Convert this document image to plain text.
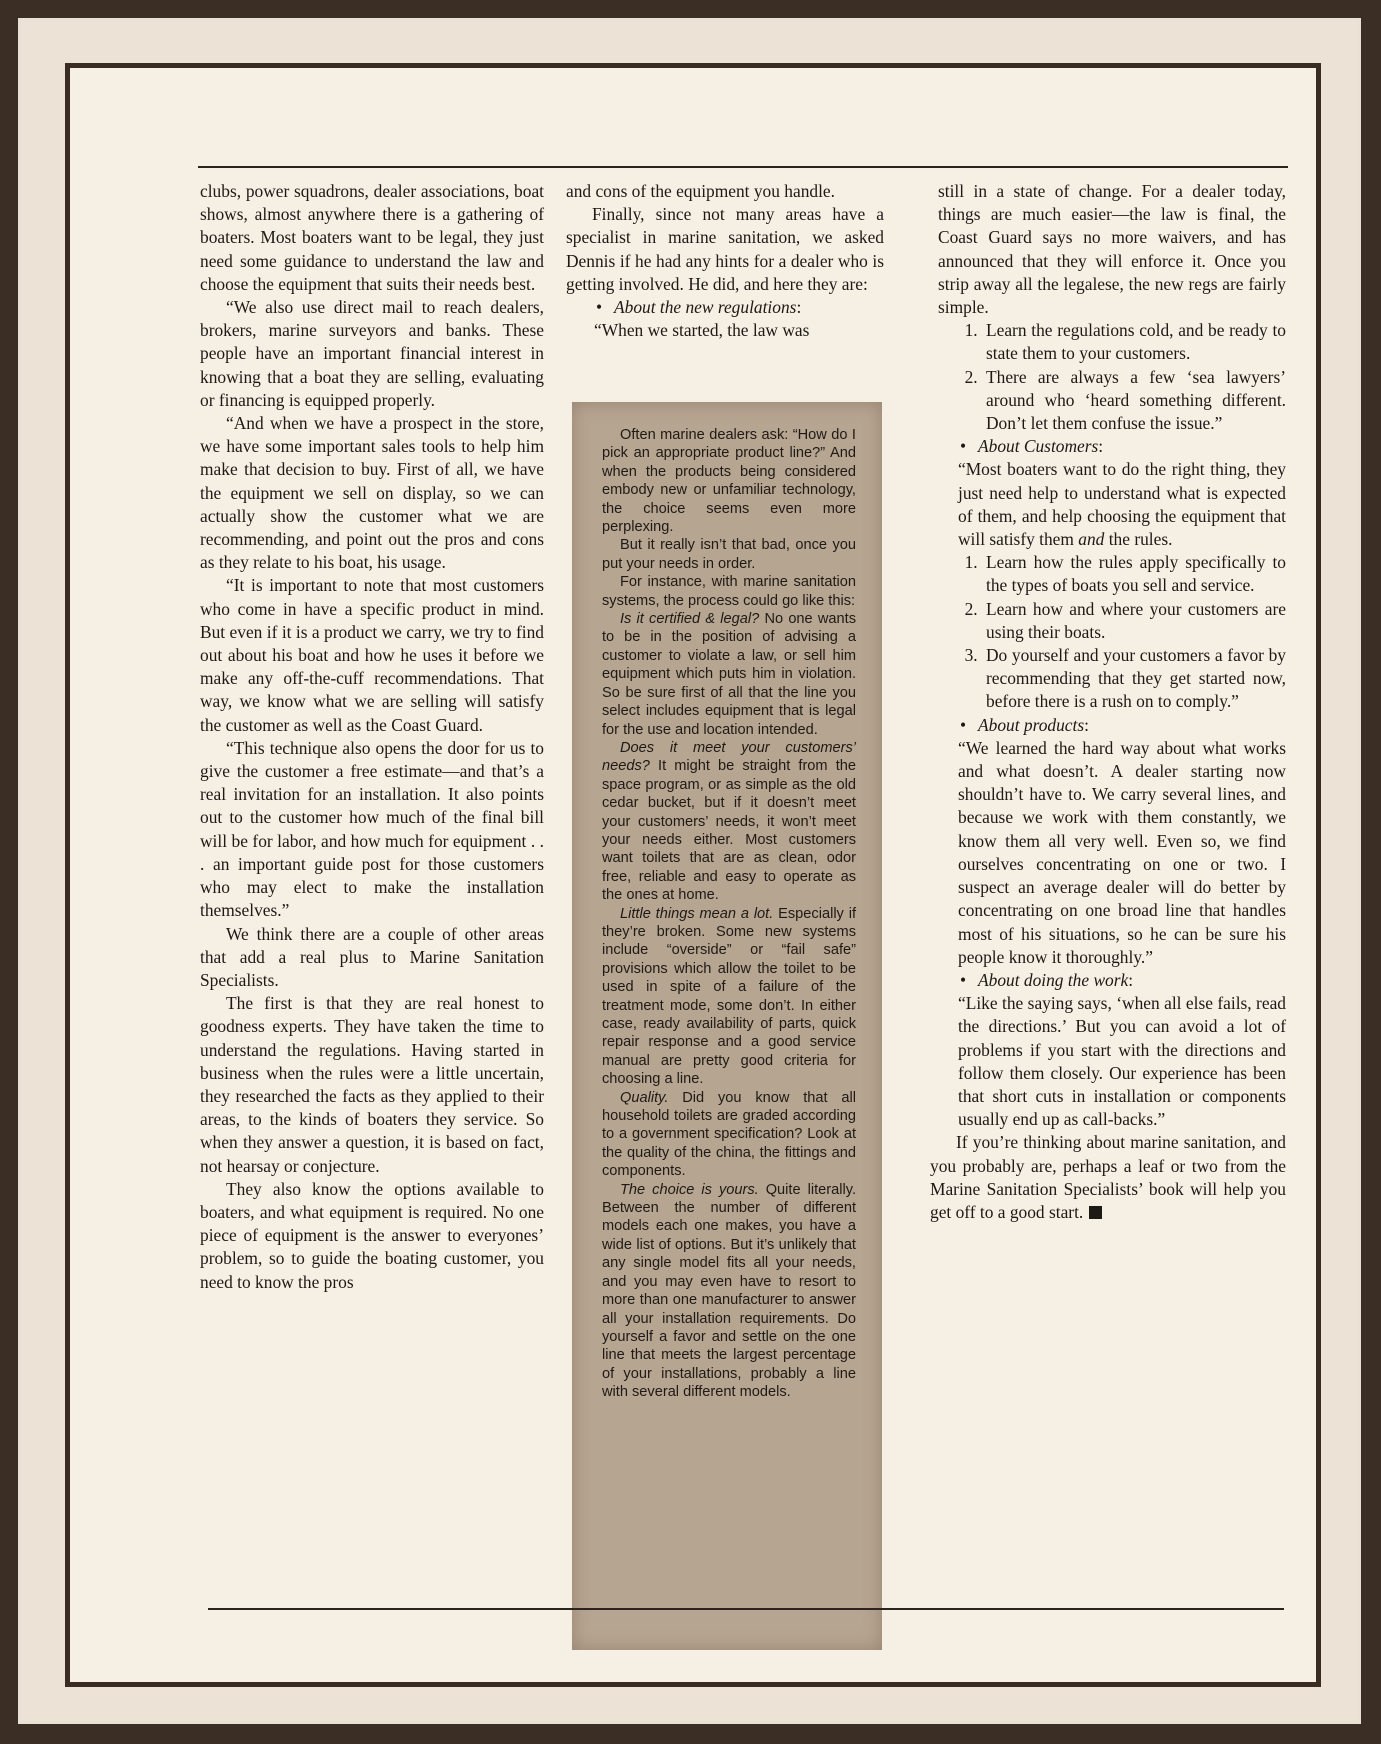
clubs, power squadrons, dealer associations, boat shows, almost anywhere there is a gathering of boaters. Most boaters want to be legal, they just need some guidance to understand the law and choose the equipment that suits their needs best.

“We also use direct mail to reach dealers, brokers, marine surveyors and banks. These people have an important financial interest in knowing that a boat they are selling, evaluating or financing is equipped properly.

“And when we have a prospect in the store, we have some important sales tools to help him make that decision to buy. First of all, we have the equipment we sell on display, so we can actually show the customer what we are recommending, and point out the pros and cons as they relate to his boat, his usage.

“It is important to note that most customers who come in have a specific product in mind. But even if it is a product we carry, we try to find out about his boat and how he uses it before we make any off-the-cuff recommendations. That way, we know what we are selling will satisfy the customer as well as the Coast Guard.

“This technique also opens the door for us to give the customer a free estimate—and that’s a real invitation for an installation. It also points out to the customer how much of the final bill will be for labor, and how much for equipment . . . an important guide post for those customers who may elect to make the installation themselves.”

We think there are a couple of other areas that add a real plus to Marine Sanitation Specialists.

The first is that they are real honest to goodness experts. They have taken the time to understand the regulations. Having started in business when the rules were a little uncertain, they researched the facts as they applied to their areas, to the kinds of boaters they service. So when they answer a question, it is based on fact, not hearsay or conjecture.

They also know the options available to boaters, and what equipment is required. No one piece of equipment is the answer to everyones’ problem, so to guide the boating customer, you need to know the pros

and cons of the equipment you handle.

Finally, since not many areas have a specialist in marine sanitation, we asked Dennis if he had any hints for a dealer who is getting involved. He did, and here they are:

• About the new regulations:

“When we started, the law was

Often marine dealers ask: “How do I pick an appropriate product line?” And when the products being considered embody new or unfamiliar technology, the choice seems even more perplexing.

But it really isn’t that bad, once you put your needs in order.

For instance, with marine sanitation systems, the process could go like this:

Is it certified & legal? No one wants to be in the position of advising a customer to violate a law, or sell him equipment which puts him in violation. So be sure first of all that the line you select includes equipment that is legal for the use and location intended.

Does it meet your customers’ needs? It might be straight from the space program, or as simple as the old cedar bucket, but if it doesn’t meet your customers’ needs, it won’t meet your needs either. Most customers want toilets that are as clean, odor free, reliable and easy to operate as the ones at home.

Little things mean a lot. Especially if they’re broken. Some new systems include “overside” or “fail safe” provisions which allow the toilet to be used in spite of a failure of the treatment mode, some don’t. In either case, ready availability of parts, quick repair response and a good service manual are pretty good criteria for choosing a line.

Quality. Did you know that all household toilets are graded according to a government specification? Look at the quality of the china, the fittings and components.

The choice is yours. Quite literally. Between the number of different models each one makes, you have a wide list of options. But it’s unlikely that any single model fits all your needs, and you may even have to resort to more than one manufacturer to answer all your installation requirements. Do yourself a favor and settle on the one line that meets the largest percentage of your installations, probably a line with several different models.

still in a state of change. For a dealer today, things are much easier—the law is final, the Coast Guard says no more waivers, and has announced that they will enforce it. Once you strip away all the legalese, the new regs are fairly simple.

1. Learn the regulations cold, and be ready to state them to your customers.
2. There are always a few ‘sea lawyers’ around who ‘heard something different. Don’t let them confuse the issue.”

• About Customers:

“Most boaters want to do the right thing, they just need help to understand what is expected of them, and help choosing the equipment that will satisfy them and the rules.

1. Learn how the rules apply specifically to the types of boats you sell and service.
2. Learn how and where your customers are using their boats.
3. Do yourself and your customers a favor by recommending that they get started now, before there is a rush on to comply.”

• About products:

“We learned the hard way about what works and what doesn’t. A dealer starting now shouldn’t have to. We carry several lines, and because we work with them constantly, we know them all very well. Even so, we find ourselves concentrating on one or two. I suspect an average dealer will do better by concentrating on one broad line that handles most of his situations, so he can be sure his people know it thoroughly.”

• About doing the work:

“Like the saying says, ‘when all else fails, read the directions.’ But you can avoid a lot of problems if you start with the directions and follow them closely. Our experience has been that short cuts in installation or components usually end up as call-backs.”

If you’re thinking about marine sanitation, and you probably are, perhaps a leaf or two from the Marine Sanitation Specialists’ book will help you get off to a good start.
